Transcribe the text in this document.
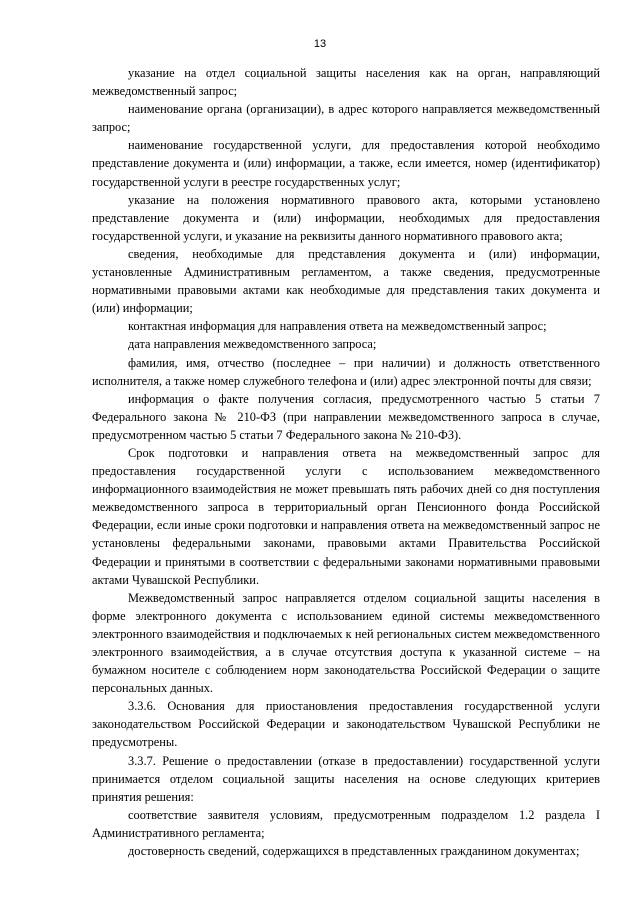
13

указание на отдел социальной защиты населения как на орган, направляющий межведомственный запрос;

наименование органа (организации), в адрес которого направляется межведомственный запрос;

наименование государственной услуги, для предоставления которой необходимо представление документа и (или) информации, а также, если имеется, номер (идентификатор) государственной услуги в реестре государственных услуг;

указание на положения нормативного правового акта, которыми установлено представление документа и (или) информации, необходимых для предоставления государственной услуги, и указание на реквизиты данного нормативного правового акта;

сведения, необходимые для представления документа и (или) информации, установленные Административным регламентом, а также сведения, предусмотренные нормативными правовыми актами как необходимые для представления таких документа и (или) информации;

контактная информация для направления ответа на межведомственный запрос;

дата направления межведомственного запроса;

фамилия, имя, отчество (последнее – при наличии) и должность ответственного исполнителя, а также номер служебного телефона и (или) адрес электронной почты для связи;

информация о факте получения согласия, предусмотренного частью 5 статьи 7 Федерального закона № 210-ФЗ (при направлении межведомственного запроса в случае, предусмотренном частью 5 статьи 7 Федерального закона № 210-ФЗ).

Срок подготовки и направления ответа на межведомственный запрос для предоставления государственной услуги с использованием межведомственного информационного взаимодействия не может превышать пять рабочих дней со дня поступления межведомственного запроса в территориальный орган Пенсионного фонда Российской Федерации, если иные сроки подготовки и направления ответа на межведомственный запрос не установлены федеральными законами, правовыми актами Правительства Российской Федерации и принятыми в соответствии с федеральными законами нормативными правовыми актами Чувашской Республики.

Межведомственный запрос направляется отделом социальной защиты населения в форме электронного документа с использованием единой системы межведомственного электронного взаимодействия и подключаемых к ней региональных систем межведомственного электронного взаимодействия, а в случае отсутствия доступа к указанной системе – на бумажном носителе с соблюдением норм законодательства Российской Федерации о защите персональных данных.

3.3.6. Основания для приостановления предоставления государственной услуги законодательством Российской Федерации и законодательством Чувашской Республики не предусмотрены.

3.3.7. Решение о предоставлении (отказе в предоставлении) государственной услуги принимается отделом социальной защиты населения на основе следующих критериев принятия решения:

соответствие заявителя условиям, предусмотренным подразделом 1.2 раздела I Административного регламента;

достоверность сведений, содержащихся в представленных гражданином документах;
